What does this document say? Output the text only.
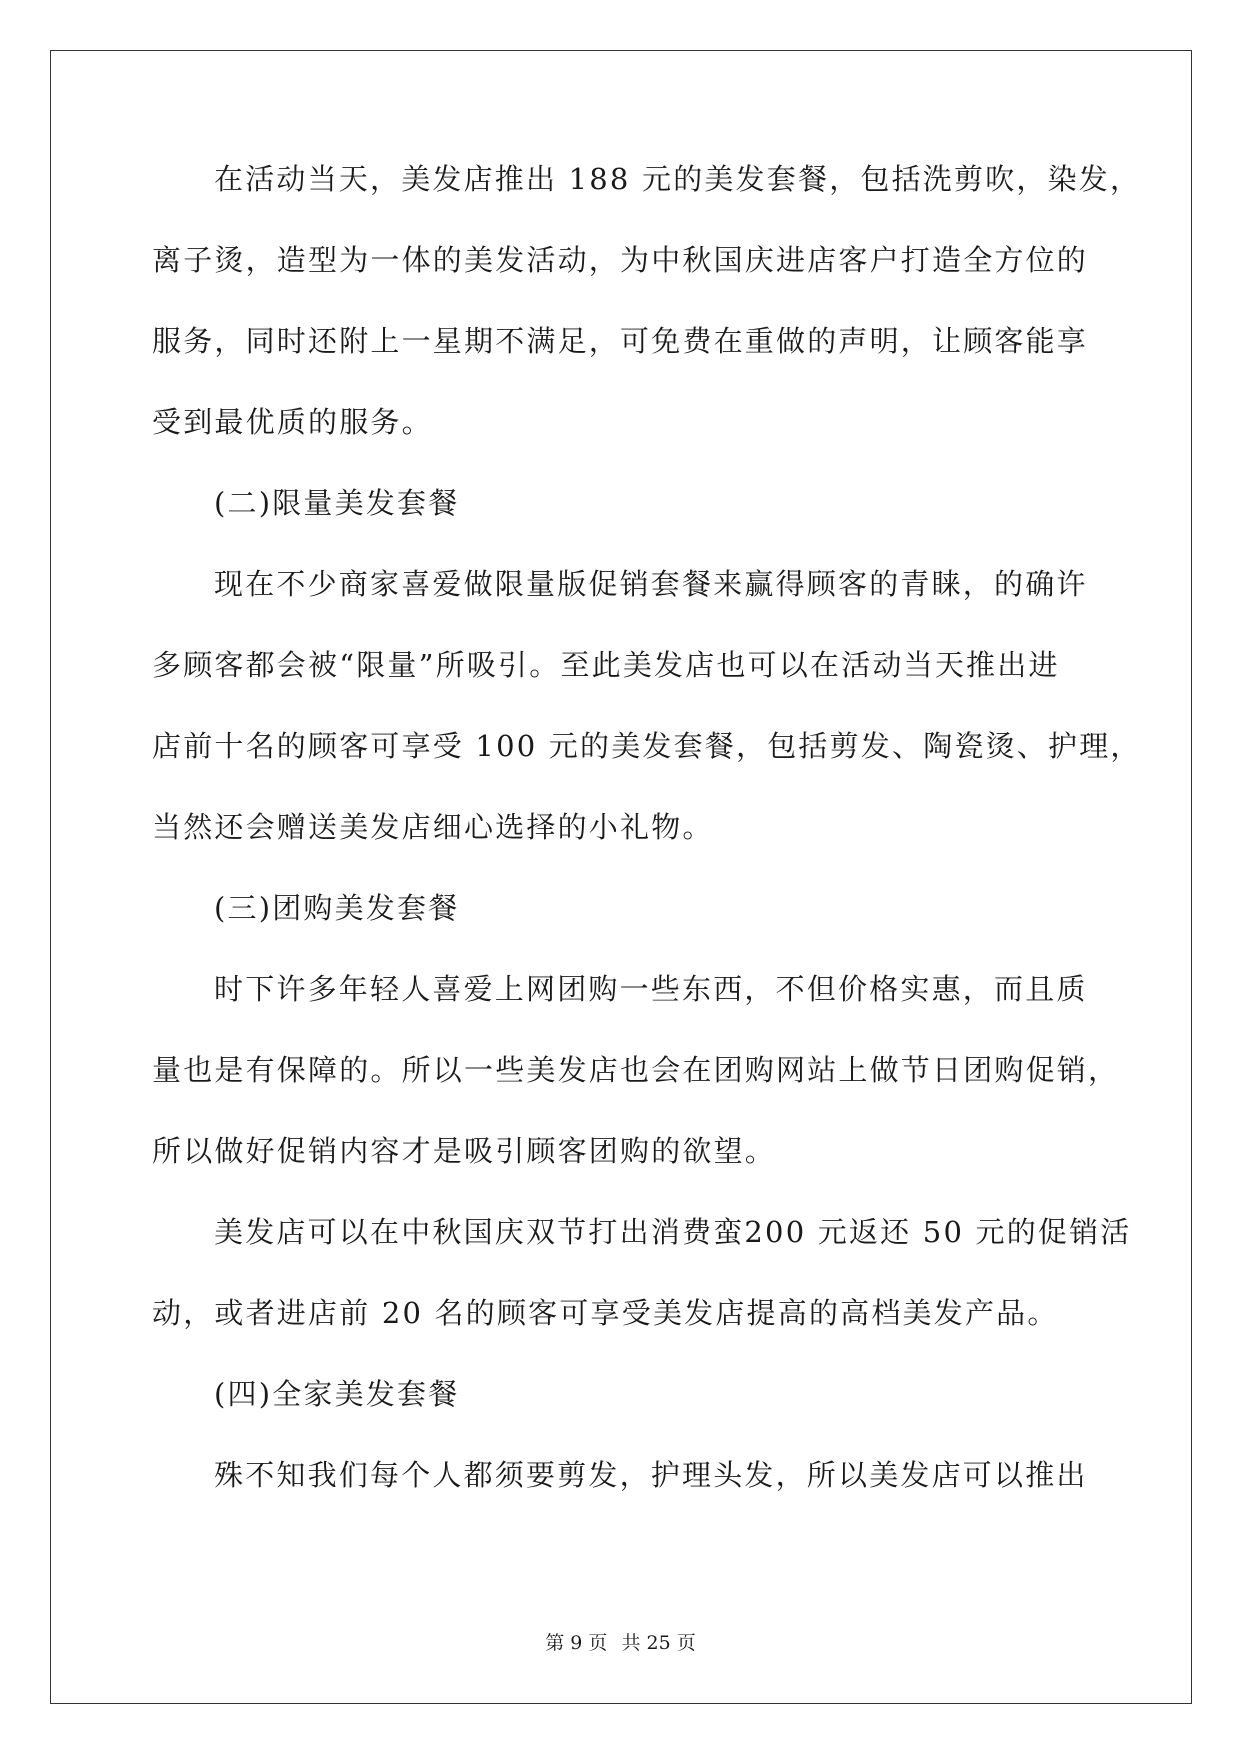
在活动当天，美发店推出 188 元的美发套餐，包括洗剪吹，染发，
离子烫，造型为一体的美发活动，为中秋国庆进店客户打造全方位的
服务，同时还附上一星期不满足，可免费在重做的声明，让顾客能享
受到最优质的服务。
(二)限量美发套餐
现在不少商家喜爱做限量版促销套餐来赢得顾客的青睐，的确许
多顾客都会被“限量”所吸引。至此美发店也可以在活动当天推出进
店前十名的顾客可享受 100 元的美发套餐，包括剪发、陶瓷烫、护理，
当然还会赠送美发店细心选择的小礼物。
(三)团购美发套餐
时下许多年轻人喜爱上网团购一些东西，不但价格实惠，而且质
量也是有保障的。所以一些美发店也会在团购网站上做节日团购促销，
所以做好促销内容才是吸引顾客团购的欲望。
美发店可以在中秋国庆双节打出消费蛮200 元返还 50 元的促销活
动，或者进店前 20 名的顾客可享受美发店提高的高档美发产品。
(四)全家美发套餐
殊不知我们每个人都须要剪发，护理头发，所以美发店可以推出
第 9 页 共 25 页
